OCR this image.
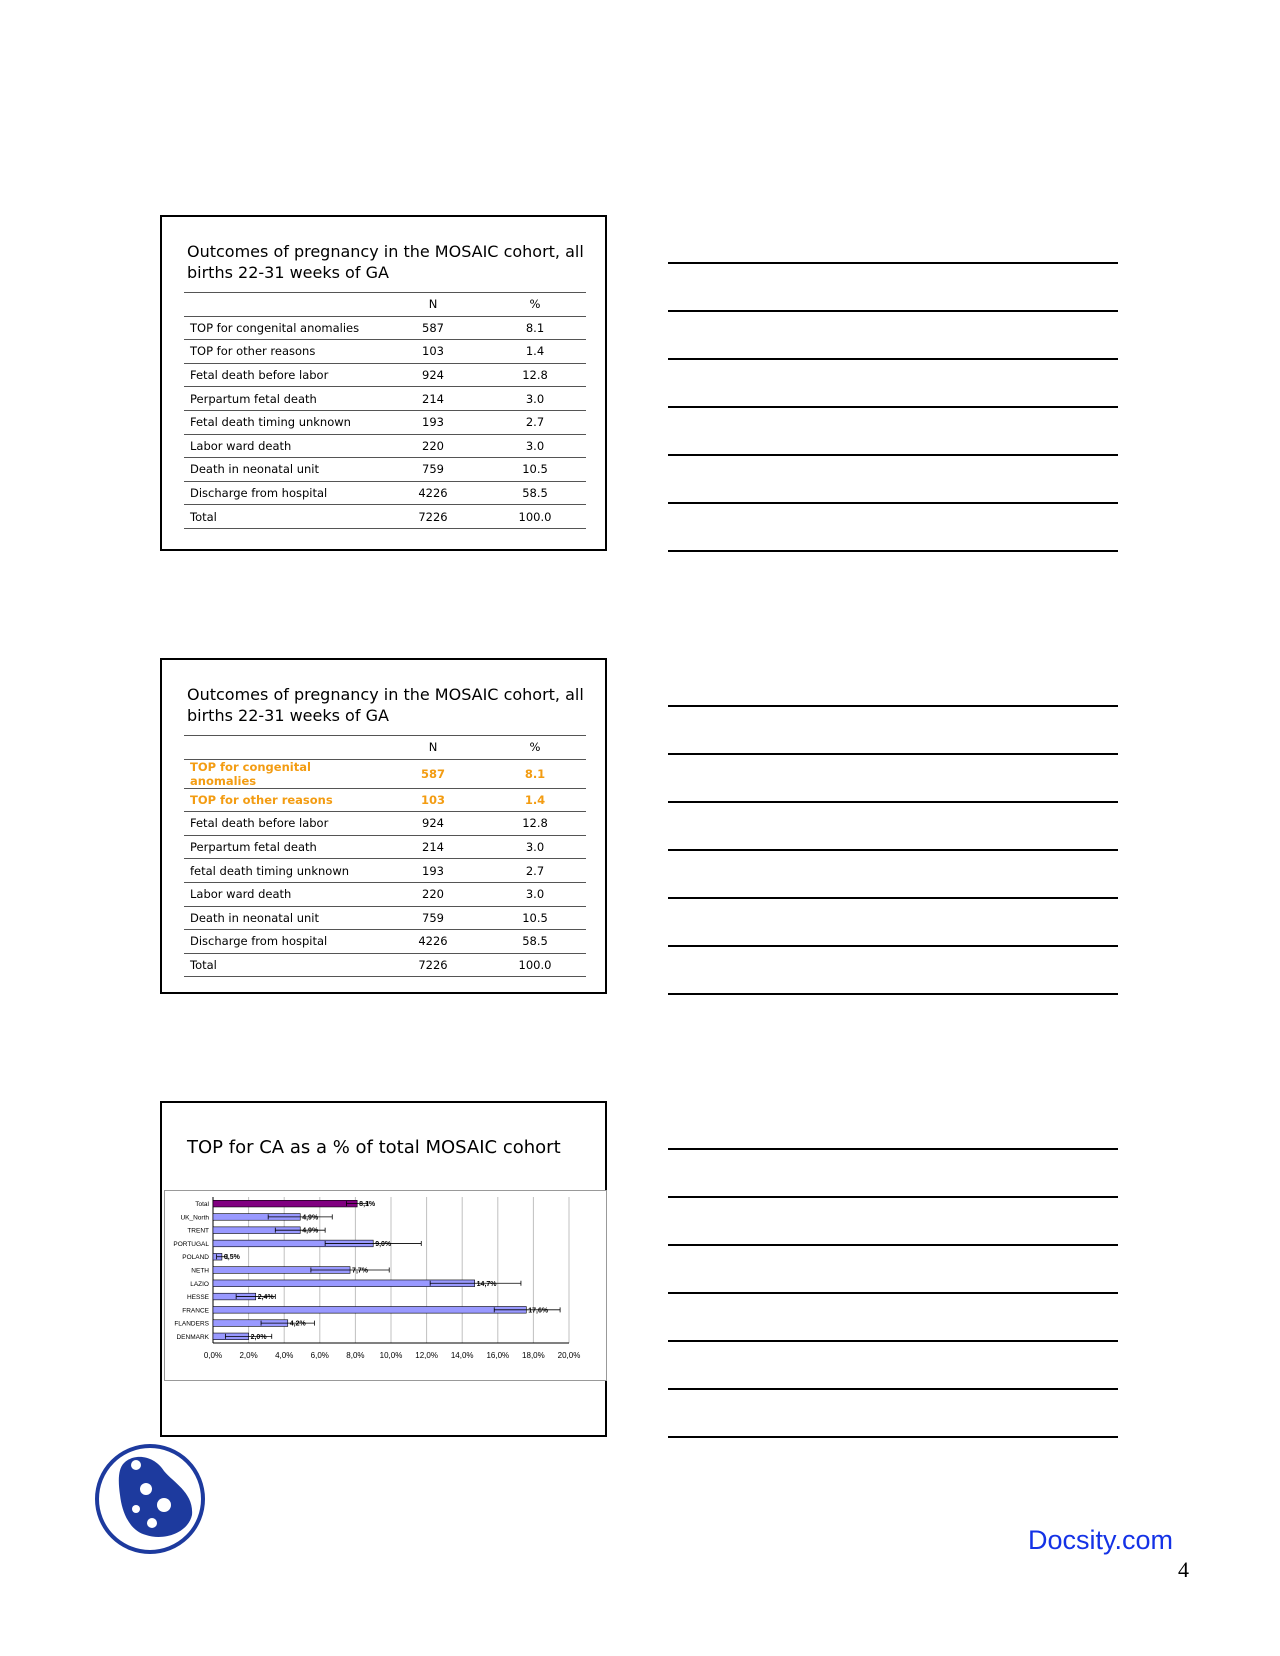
Outcomes of pregnancy in the MOSAIC cohort, all births 22-31 weeks of GA
	N	%
TOP for congenital anomalies	587	8.1
TOP for other reasons	103	1.4
Fetal death before labor	924	12.8
Perpartum fetal death	214	3.0
Fetal death timing unknown	193	2.7
Labor ward death	220	3.0
Death in neonatal unit	759	10.5
Discharge from hospital	4226	58.5
Total	7226	100.0
Outcomes of pregnancy in the MOSAIC cohort, all births 22-31 weeks of GA
	N	%
TOP for congenital anomalies	587	8.1
TOP for other reasons	103	1.4
Fetal death before labor	924	12.8
Perpartum fetal death	214	3.0
fetal death timing unknown	193	2.7
Labor ward death	220	3.0
Death in neonatal unit	759	10.5
Discharge from hospital	4226	58.5
Total	7226	100.0
TOP for CA as a % of total MOSAIC cohort
0,0% 2,0% 4,0% 6,0% 8,0% 10,0% 12,0% 14,0% 16,0% 18,0% 20,0%
Total	8,1%
UK_North	4,9%
TRENT	4,9%
PORTUGAL	9,0%
POLAND 0,5%
NETH	7,7%
LAZIO	14,7%
HESSE	2,4%
FRANCE	17,6%
FLANDERS	4,2%
DENMARK	2,0%
Docsity.com
4
